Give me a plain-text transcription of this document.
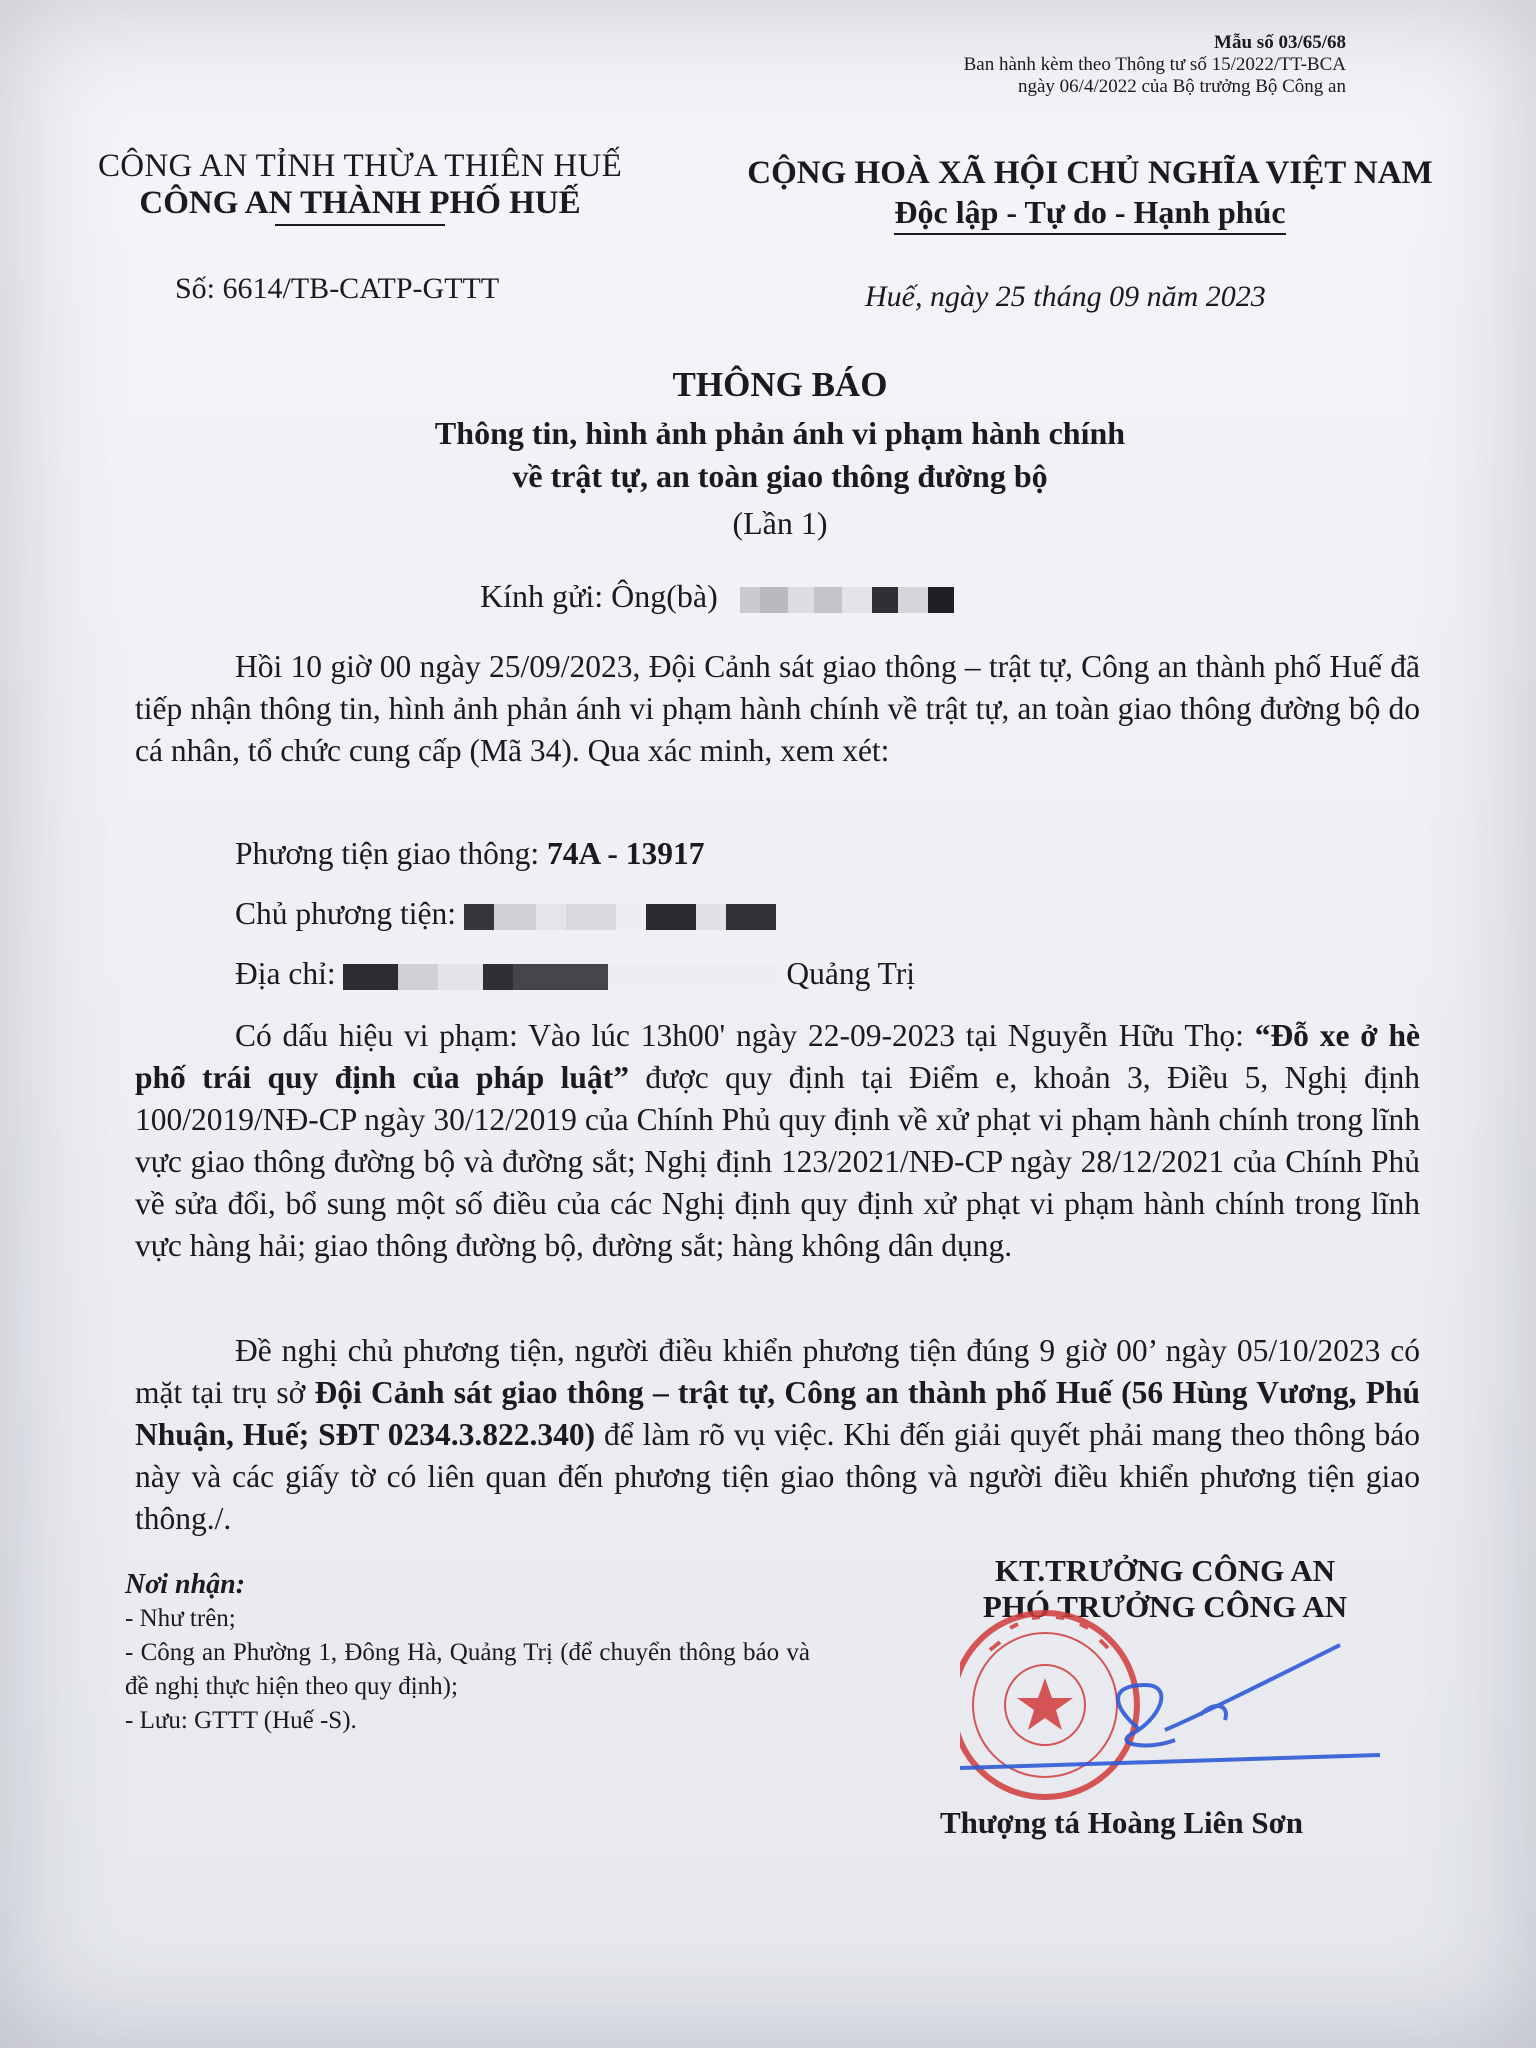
Mẫu số 03/65/68
Ban hành kèm theo Thông tư số 15/2022/TT-BCA
ngày 06/4/2022 của Bộ trưởng Bộ Công an
CÔNG AN TỈNH THỪA THIÊN HUẾ
CÔNG AN THÀNH PHỐ HUẾ
CỘNG HOÀ XÃ HỘI CHỦ NGHĨA VIỆT NAM
Độc lập - Tự do - Hạnh phúc
Số: 6614/TB-CATP-GTTT	Huế, ngày 25 tháng 09 năm 2023
THÔNG BÁO
Thông tin, hình ảnh phản ánh vi phạm hành chính
về trật tự, an toàn giao thông đường bộ
(Lần 1)
Kính gửi: Ông(bà)
Hồi 10 giờ 00 ngày 25/09/2023, Đội Cảnh sát giao thông – trật tự, Công an thành phố Huế đã tiếp nhận thông tin, hình ảnh phản ánh vi phạm hành chính về trật tự, an toàn giao thông đường bộ do cá nhân, tổ chức cung cấp (Mã 34). Qua xác minh, xem xét:
Phương tiện giao thông: 74A - 13917
Chủ phương tiện:
Địa chỉ:	Quảng Trị
Có dấu hiệu vi phạm: Vào lúc 13h00' ngày 22-09-2023 tại Nguyễn Hữu Thọ: “Đỗ xe ở hè phố trái quy định của pháp luật” được quy định tại Điểm e, khoản 3, Điều 5, Nghị định 100/2019/NĐ-CP ngày 30/12/2019 của Chính Phủ quy định về xử phạt vi phạm hành chính trong lĩnh vực giao thông đường bộ và đường sắt; Nghị định 123/2021/NĐ-CP ngày 28/12/2021 của Chính Phủ về sửa đổi, bổ sung một số điều của các Nghị định quy định xử phạt vi phạm hành chính trong lĩnh vực hàng hải; giao thông đường bộ, đường sắt; hàng không dân dụng.
Đề nghị chủ phương tiện, người điều khiển phương tiện đúng 9 giờ 00’ ngày 05/10/2023 có mặt tại trụ sở Đội Cảnh sát giao thông – trật tự, Công an thành phố Huế (56 Hùng Vương, Phú Nhuận, Huế; SĐT 0234.3.822.340) để làm rõ vụ việc. Khi đến giải quyết phải mang theo thông báo này và các giấy tờ có liên quan đến phương tiện giao thông và người điều khiển phương tiện giao thông./.
Nơi nhận:
- Như trên;
- Công an Phường 1, Đông Hà, Quảng Trị (để chuyển thông báo và đề nghị thực hiện theo quy định);
- Lưu: GTTT (Huế -S).
KT.TRƯỞNG CÔNG AN
PHÓ TRƯỞNG CÔNG AN
Thượng tá Hoàng Liên Sơn
